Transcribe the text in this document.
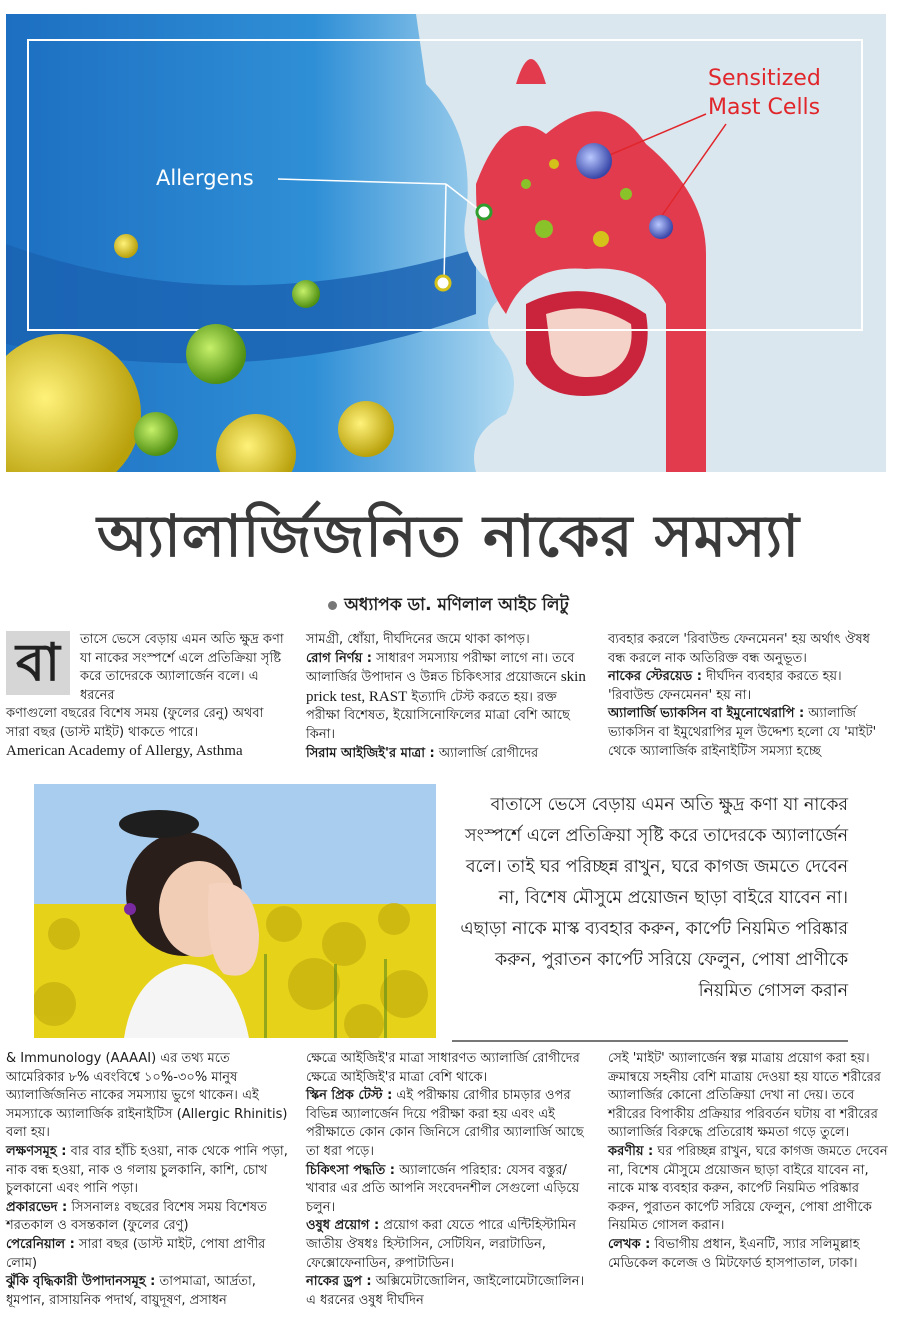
Allergens
Sensitized
Mast Cells
অ্যালার্জিজনিত নাকের সমস্যা
অধ্যাপক ডা. মণিলাল আইচ লিটু
বা	তাসে ভেসে বেড়ায় এমন অতি ক্ষুদ্র কণা যা নাকের সংস্পর্শে এলে প্রতিক্রিয়া সৃষ্টি করে তাদেরকে অ্যালার্জেন বলে। এ ধরনের

কণাগুলো বছরের বিশেষ সময় (ফুলের রেনু) অথবা সারা বছর (ডাস্ট মাইট) থাকতে পারে।

American Academy of Allergy, Asthma

সামগ্রী, ধোঁয়া, দীর্ঘদিনের জমে থাকা কাপড়।

রোগ নির্ণয় : সাধারণ সমস্যায় পরীক্ষা লাগে না। তবে আলার্জির উপাদান ও উন্নত চিকিৎসার প্রয়োজনে skin prick test, RAST ইত্যাদি টেস্ট করতে হয়। রক্ত পরীক্ষা বিশেষত, ইয়োসিনোফিলের মাত্রা বেশি আছে কিনা।

সিরাম আইজিই'র মাত্রা : অ্যালার্জি রোগীদের

ব্যবহার করলে 'রিবাউন্ড ফেনমেনন' হয় অর্থাৎ ঔষধ বন্ধ করলে নাক অতিরিক্ত বন্ধ অনুভূত।

নাকের স্টেরয়েড : দীর্ঘদিন ব্যবহার করতে হয়। 'রিবাউন্ড ফেনমেনন' হয় না।

অ্যালার্জি ভ্যাকসিন বা ইমুনোথেরাপি : অ্যালার্জি ভ্যাকসিন বা ইমুথেরাপির মূল উদ্দেশ্য হলো যে 'মাইট' থেকে অ্যালার্জিক রাইনাইটিস সমস্যা হচ্ছে

বাতাসে ভেসে বেড়ায় এমন অতি ক্ষুদ্র কণা যা নাকের সংস্পর্শে এলে প্রতিক্রিয়া সৃষ্টি করে তাদেরকে অ্যালার্জেন বলে। তাই ঘর পরিচ্ছন্ন রাখুন, ঘরে কাগজ জমতে দেবেন না, বিশেষ মৌসুমে প্রয়োজন ছাড়া বাইরে যাবেন না। এছাড়া নাকে মাস্ক ব্যবহার করুন, কার্পেট নিয়মিত পরিষ্কার করুন, পুরাতন কার্পেট সরিয়ে ফেলুন, পোষা প্রাণীকে নিয়মিত গোসল করান

& Immunology (AAAAI) এর তথ্য মতে আমেরিকার ৮% এবংবিশ্বে ১০%-৩০% মানুষ অ্যালার্জিজনিত নাকের সমস্যায় ভুগে থাকেন। এই সমস্যাকে অ্যালার্জিক রাইনাইটিস (Allergic Rhinitis) বলা হয়।

লক্ষণসমূহ : বার বার হাঁচি হওয়া, নাক থেকে পানি পড়া, নাক বন্ধ হওয়া, নাক ও গলায় চুলকানি, কাশি, চোখ চুলকানো এবং পানি পড়া।

প্রকারভেদ : সিসনালঃ বছরের বিশেষ সময় বিশেষত শরতকাল ও বসন্তকাল (ফুলের রেণু)

পেরেনিয়াল : সারা বছর (ডাস্ট মাইট, পোষা প্রাণীর লোম)

ঝুঁকি বৃদ্ধিকারী উপাদানসমূহ : তাপমাত্রা, আর্দ্রতা, ধূমপান, রাসায়নিক পদার্থ, বায়ুদূষণ, প্রসাধন

ক্ষেত্রে আইজিই'র মাত্রা সাধারণত অ্যালার্জি রোগীদের ক্ষেত্রে আইজিই'র মাত্রা বেশি থাকে।

স্কিন প্রিক টেস্ট : এই পরীক্ষায় রোগীর চামড়ার ওপর বিভিন্ন অ্যালার্জেন দিয়ে পরীক্ষা করা হয় এবং এই পরীক্ষাতে কোন কোন জিনিসে রোগীর অ্যালার্জি আছে তা ধরা পড়ে।

চিকিৎসা পদ্ধতি : অ্যালার্জেন পরিহার: যেসব বস্তুর/খাবার এর প্রতি আপনি সংবেদনশীল সেগুলো এড়িয়ে চলুন।

ওষুধ প্রয়োগ : প্রয়োগ করা যেতে পারে এন্টিহিস্টামিন জাতীয় ঔষধঃ হিস্টাসিন, সেটিযিন, লরাটাডিন, ফেক্সোফেনাডিন, রুপাটাডিন।

নাকের ড্রপ : অক্সিমেটাজোলিন, জাইলোমেটাজোলিন। এ ধরনের ওষুধ দীর্ঘদিন

সেই 'মাইট' অ্যালার্জেন স্বল্প মাত্রায় প্রয়োগ করা হয়। ক্রমান্বয়ে সহনীয় বেশি মাত্রায় দেওয়া হয় যাতে শরীরের অ্যালার্জির কোনো প্রতিক্রিয়া দেখা না দেয়। তবে শরীরের বিপাকীয় প্রক্রিয়ার পরিবর্তন ঘটায় বা শরীরের অ্যালার্জির বিরুদ্ধে প্রতিরোধ ক্ষমতা গড়ে তুলে।

করণীয় : ঘর পরিচ্ছন্ন রাখুন, ঘরে কাগজ জমতে দেবেন না, বিশেষ মৌসুমে প্রয়োজন ছাড়া বাইরে যাবেন না, নাকে মাস্ক ব্যবহার করুন, কার্পেট নিয়মিত পরিষ্কার করুন, পুরাতন কার্পেট সরিয়ে ফেলুন, পোষা প্রাণীকে নিয়মিত গোসল করান।

লেখক : বিভাগীয় প্রধান, ইএনটি, স্যার সলিমুল্লাহ মেডিকেল কলেজ ও মিটফোর্ড হাসপাতাল, ঢাকা।
